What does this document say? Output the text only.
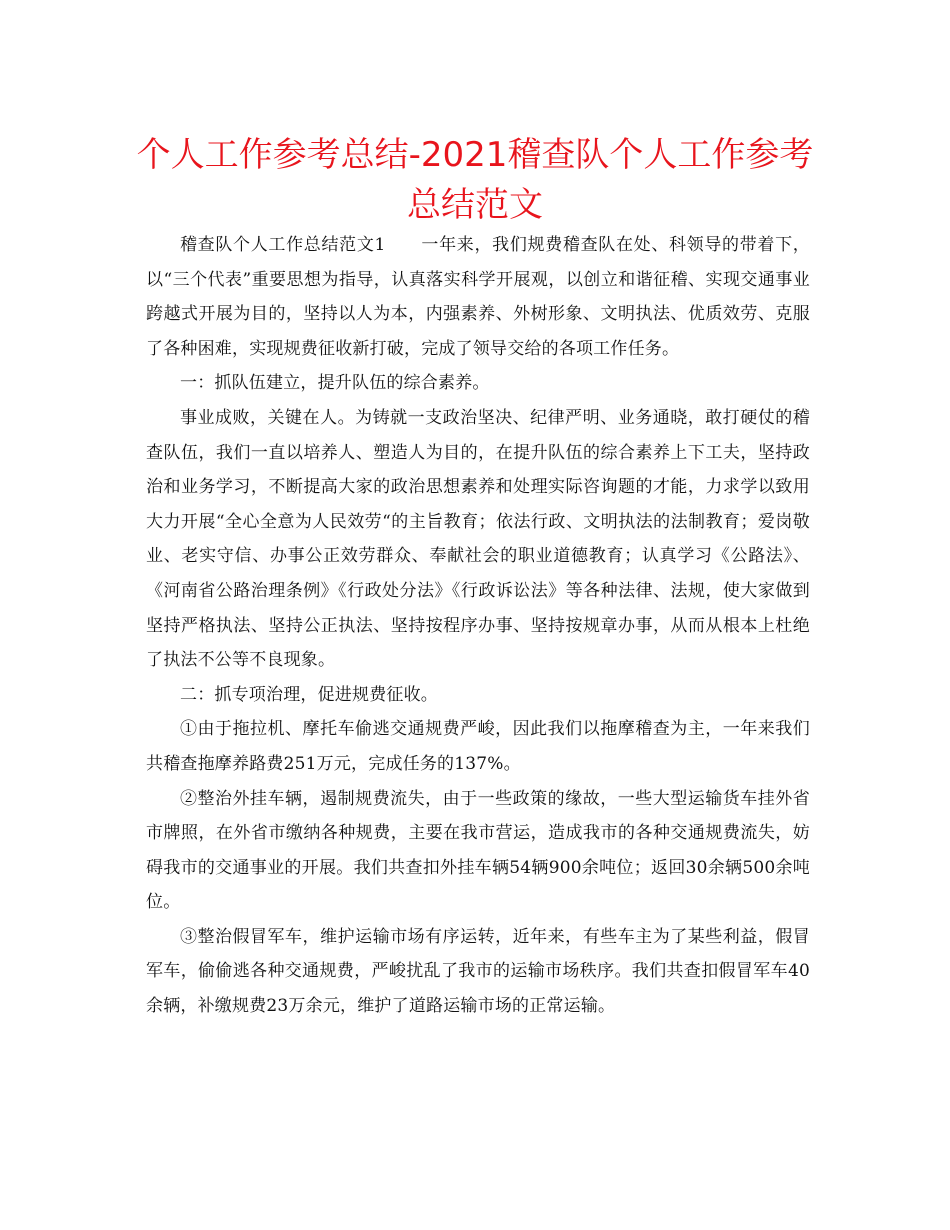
个人工作参考总结-2021稽查队个人工作参考总结范文

稽查队个人工作总结范文1　　一年来，我们规费稽查队在处、科领导的带着下，以“三个代表”重要思想为指导，认真落实科学开展观，以创立和谐征稽、实现交通事业跨越式开展为目的，坚持以人为本，内强素养、外树形象、文明执法、优质效劳、克服了各种困难，实现规费征收新打破，完成了领导交给的各项工作任务。

一：抓队伍建立，提升队伍的综合素养。

事业成败，关键在人。为铸就一支政治坚决、纪律严明、业务通晓，敢打硬仗的稽查队伍，我们一直以培养人、塑造人为目的，在提升队伍的综合素养上下工夫，坚持政治和业务学习，不断提高大家的政治思想素养和处理实际咨询题的才能，力求学以致用大力开展“全心全意为人民效劳“的主旨教育；依法行政、文明执法的法制教育；爱岗敬业、老实守信、办事公正效劳群众、奉献社会的职业道德教育；认真学习《公路法》、《河南省公路治理条例》《行政处分法》《行政诉讼法》等各种法律、法规，使大家做到坚持严格执法、坚持公正执法、坚持按程序办事、坚持按规章办事，从而从根本上杜绝了执法不公等不良现象。

二：抓专项治理，促进规费征收。

①由于拖拉机、摩托车偷逃交通规费严峻，因此我们以拖摩稽查为主，一年来我们共稽查拖摩养路费251万元，完成任务的137%。

②整治外挂车辆，遏制规费流失，由于一些政策的缘故，一些大型运输货车挂外省市牌照，在外省市缴纳各种规费，主要在我市营运，造成我市的各种交通规费流失，妨碍我市的交通事业的开展。我们共查扣外挂车辆54辆900余吨位；返回30余辆500余吨位。

③整治假冒军车，维护运输市场有序运转，近年来，有些车主为了某些利益，假冒军车，偷偷逃各种交通规费，严峻扰乱了我市的运输市场秩序。我们共查扣假冒军车40余辆，补缴规费23万余元，维护了道路运输市场的正常运输。
